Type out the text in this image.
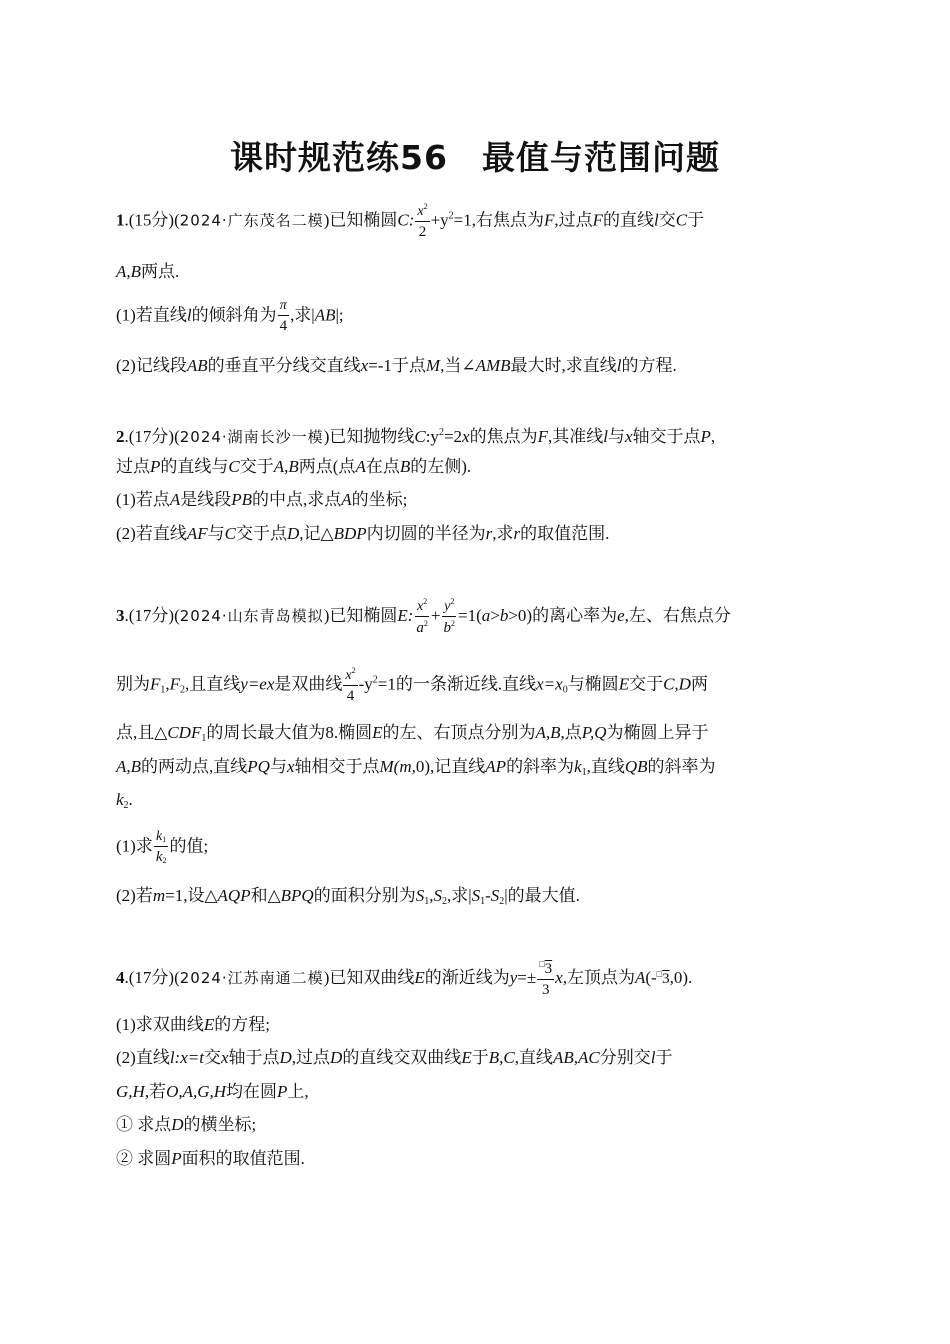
课时规范练56　最值与范围问题
1.(15分)(2024·广东茂名二模)已知椭圆C: $\frac{x^2}{2} +y^2=1$,右焦点为F,过点F的直线l交C于
A,B两点.
(1)若直线l的倾斜角为 $\frac{\pi}{4}$ ,求|AB|;
(2)记线段AB的垂直平分线交直线x=-1于点M,当∠AMB最大时,求直线l的方程.
2.(17分)(2024·湖南长沙一模)已知抛物线$C:y^2=2x$的焦点为F,其准线l与x轴交于点P,
过点P的直线与C交于A,B两点(点A在点B的左侧).
(1)若点A是线段PB的中点,求点A的坐标;
(2)若直线AF与C交于点D,记△BDP内切圆的半径为r,求r的取值范围.
3.(17分)(2024·山东青岛模拟)已知椭圆E: $\frac{x^2}{a^2} + \frac{y^2}{b^2} =1(a>b>0)$的离心率为e,左、右焦点分
别为$F_1,F_2$,且直线y=ex是双曲线 $\frac{x^2}{4} -y^2=1$的一条渐近线.直线$x=x_0$与椭圆E交于C,D两
点,且$\triangle CDF_1$的周长最大值为8.椭圆E的左、右顶点分别为A,B,点P,Q为椭圆上异于
A,B的两动点,直线PQ与x轴相交于点M(m,0),记直线AP的斜率为$k_1$,直线QB的斜率为
$k_2$.
(1)求 $\frac{k_1}{k_2}$ 的值;
(2)若m=1,设△AQP和△BPQ的面积分别为$S_1,S_2$,求$|S_1-S_2|$的最大值.
4.(17分)(2024·江苏南通二模)已知双曲线E的渐近线为$y=\pm \frac{^□3}{3} x$,左顶点为A(-□3,0).
(1)求双曲线E的方程;
(2)直线l:x=t交x轴于点D,过点D的直线交双曲线E于B,C,直线AB,AC分别交l于
G,H,若O,A,G,H均在圆P上,
① 求点D的横坐标;
② 求圆P面积的取值范围.
